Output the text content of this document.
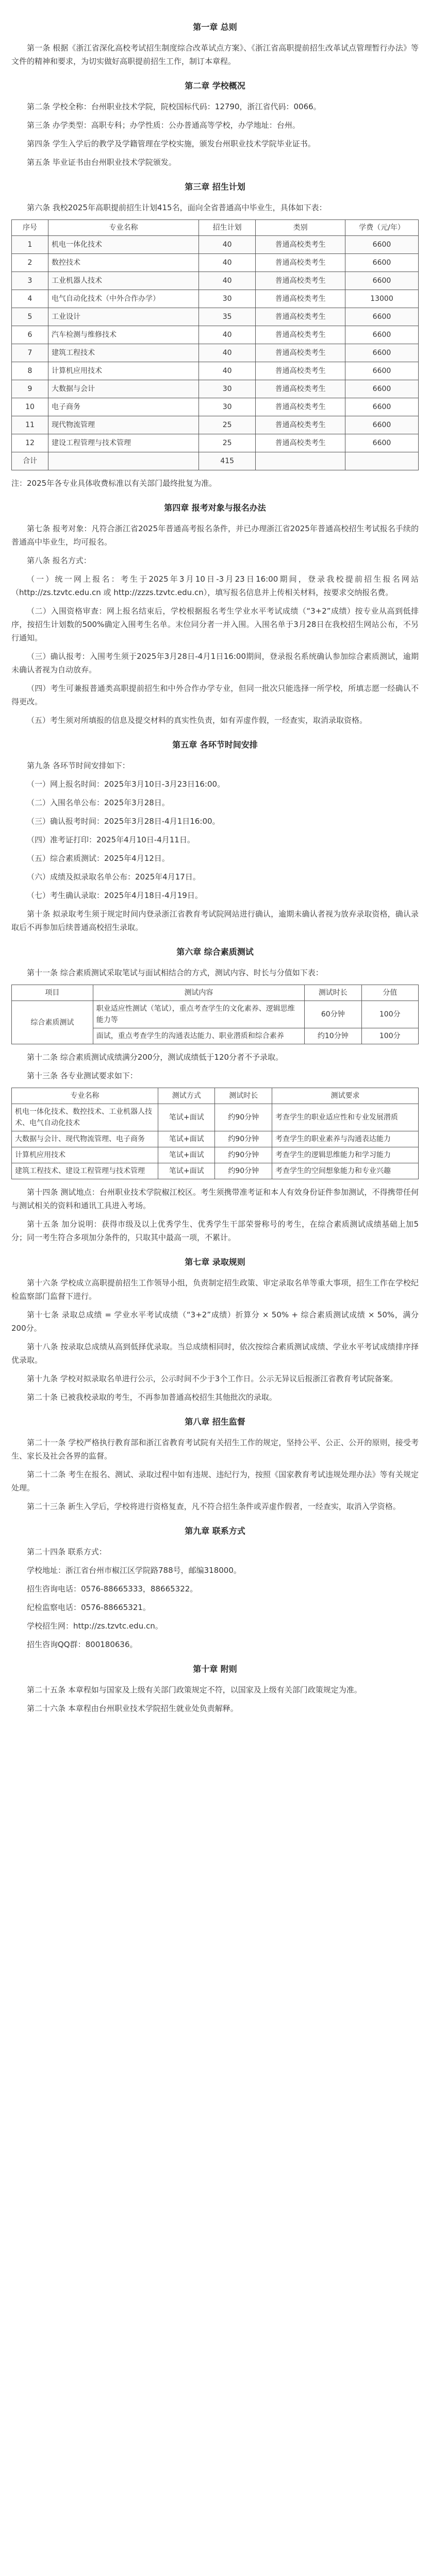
第一章 总则

第一条 根据《浙江省深化高校考试招生制度综合改革试点方案》、《浙江省高职提前招生改革试点管理暂行办法》等文件的精神和要求，为切实做好高职提前招生工作，制订本章程。

第二章 学校概况

第二条 学校全称：台州职业技术学院，院校国标代码：12790，浙江省代码：0066。

第三条 办学类型：高职专科；办学性质：公办普通高等学校，办学地址：台州。

第四条 学生入学后的教学及学籍管理在学校实施，颁发台州职业技术学院毕业证书。

第五条 毕业证书由台州职业技术学院颁发。

第三章 招生计划

第六条 我校2025年高职提前招生计划415名，面向全省普通高中毕业生，具体如下表：

序号	专业名称	招生计划	类别	学费（元/年）
1	机电一体化技术	40	普通高校类考生	6600
2	数控技术	40	普通高校类考生	6600
3	工业机器人技术	40	普通高校类考生	6600
4	电气自动化技术（中外合作办学）	30	普通高校类考生	13000
5	工业设计	35	普通高校类考生	6600
6	汽车检测与维修技术	40	普通高校类考生	6600
7	建筑工程技术	40	普通高校类考生	6600
8	计算机应用技术	40	普通高校类考生	6600
9	大数据与会计	30	普通高校类考生	6600
10	电子商务	30	普通高校类考生	6600
11	现代物流管理	25	普通高校类考生	6600
12	建设工程管理与技术管理	25	普通高校类考生	6600
合计		415		

注：2025年各专业具体收费标准以有关部门最终批复为准。

第四章 报考对象与报名办法

第七条 报考对象：凡符合浙江省2025年普通高考报名条件，并已办理浙江省2025年普通高校招生考试报名手续的普通高中毕业生，均可报名。

第八条 报名方式：

（一）统一网上报名：考生于2025年3月10日-3月23日16:00期间，登录我校提前招生报名网站（http://zs.tzvtc.edu.cn 或 http://zzzs.tzvtc.edu.cn），填写报名信息并上传相关材料，按要求交纳报名费。

（二）入围资格审查：网上报名结束后，学校根据报名考生学业水平考试成绩（“3+2”成绩）按专业从高到低排序，按招生计划数的500%确定入围考生名单。末位同分者一并入围。入围名单于3月28日在我校招生网站公布，不另行通知。

（三）确认报考：入围考生须于2025年3月28日-4月1日16:00期间，登录报名系统确认参加综合素质测试，逾期未确认者视为自动放弃。

（四）考生可兼报普通类高职提前招生和中外合作办学专业，但同一批次只能选择一所学校，所填志愿一经确认不得更改。

（五）考生须对所填报的信息及提交材料的真实性负责，如有弄虚作假，一经查实，取消录取资格。

第五章 各环节时间安排

第九条 各环节时间安排如下：

（一）网上报名时间：2025年3月10日-3月23日16:00。

（二）入围名单公布：2025年3月28日。

（三）确认报考时间：2025年3月28日-4月1日16:00。

（四）准考证打印：2025年4月10日-4月11日。

（五）综合素质测试：2025年4月12日。

（六）成绩及拟录取名单公布：2025年4月17日。

（七）考生确认录取：2025年4月18日-4月19日。

第十条 拟录取考生须于规定时间内登录浙江省教育考试院网站进行确认，逾期未确认者视为放弃录取资格，确认录取后不再参加后续普通高校招生录取。

第六章 综合素质测试

第十一条 综合素质测试采取笔试与面试相结合的方式，测试内容、时长与分值如下表：

项目	测试内容	测试时长	分值
综合素质测试	职业适应性测试（笔试），重点考查学生的文化素养、逻辑思维能力等	60分钟	100分
	面试，重点考查学生的沟通表达能力、职业潜质和综合素养	约10分钟	100分

第十二条 综合素质测试成绩满分200分，测试成绩低于120分者不予录取。

第十三条 各专业测试要求如下：

专业名称	测试方式	测试时长	测试要求
机电一体化技术、数控技术、工业机器人技术、电气自动化技术	笔试+面试	约90分钟	考查学生的职业适应性和专业发展潜质
大数据与会计、现代物流管理、电子商务	笔试+面试	约90分钟	考查学生的职业素养与沟通表达能力
计算机应用技术	笔试+面试	约90分钟	考查学生的逻辑思维能力和学习能力
建筑工程技术、建设工程管理与技术管理	笔试+面试	约90分钟	考查学生的空间想象能力和专业兴趣

第十四条 测试地点：台州职业技术学院椒江校区。考生须携带准考证和本人有效身份证件参加测试，不得携带任何与测试相关的资料和通讯工具进入考场。

第十五条 加分说明：获得市级及以上优秀学生、优秀学生干部荣誉称号的考生，在综合素质测试成绩基础上加5分；同一考生符合多项加分条件的，只取其中最高一项，不累计。

第七章 录取规则

第十六条 学校成立高职提前招生工作领导小组，负责制定招生政策、审定录取名单等重大事项，招生工作在学校纪检监察部门监督下进行。

第十七条 录取总成绩 = 学业水平考试成绩（“3+2”成绩）折算分 × 50% + 综合素质测试成绩 × 50%，满分200分。

第十八条 按录取总成绩从高到低择优录取。当总成绩相同时，依次按综合素质测试成绩、学业水平考试成绩排序择优录取。

第十九条 学校对拟录取名单进行公示，公示时间不少于3个工作日。公示无异议后报浙江省教育考试院备案。

第二十条 已被我校录取的考生，不再参加普通高校招生其他批次的录取。

第八章 招生监督

第二十一条 学校严格执行教育部和浙江省教育考试院有关招生工作的规定，坚持公平、公正、公开的原则，接受考生、家长及社会各界的监督。

第二十二条 考生在报名、测试、录取过程中如有违规、违纪行为，按照《国家教育考试违规处理办法》等有关规定处理。

第二十三条 新生入学后，学校将进行资格复查，凡不符合招生条件或弄虚作假者，一经查实，取消入学资格。

第九章 联系方式

第二十四条 联系方式：

学校地址：浙江省台州市椒江区学院路788号，邮编318000。

招生咨询电话：0576-88665333，88665322。

纪检监察电话：0576-88665321。

学校招生网：http://zs.tzvtc.edu.cn。

招生咨询QQ群：800180636。

第十章 附则

第二十五条 本章程如与国家及上级有关部门政策规定不符，以国家及上级有关部门政策规定为准。

第二十六条 本章程由台州职业技术学院招生就业处负责解释。
